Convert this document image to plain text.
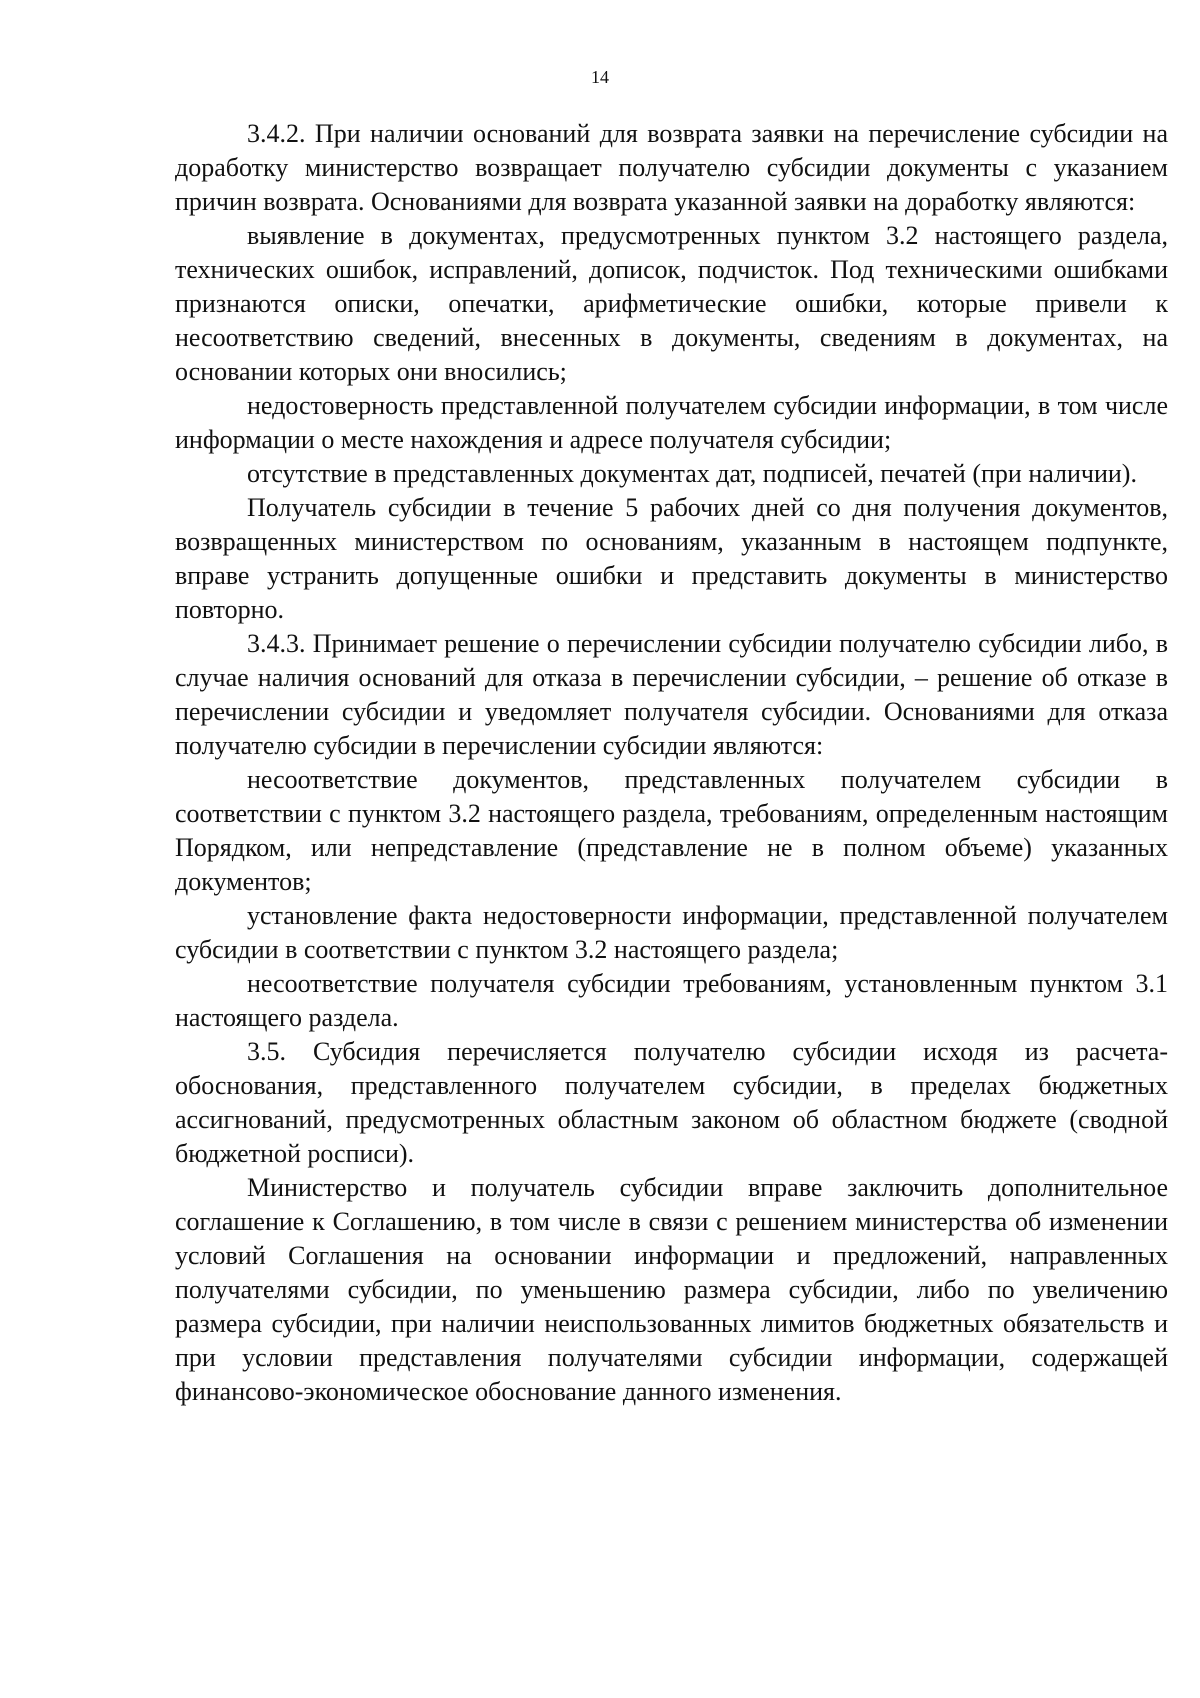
14

3.4.2. При наличии оснований для возврата заявки на перечисление субсидии на доработку министерство возвращает получателю субсидии документы с указанием причин возврата. Основаниями для возврата указанной заявки на доработку являются:

выявление в документах, предусмотренных пунктом 3.2 настоящего раздела, технических ошибок, исправлений, дописок, подчисток. Под техническими ошибками признаются описки, опечатки, арифметические ошибки, которые привели к несоответствию сведений, внесенных в документы, сведениям в документах, на основании которых они вносились;

недостоверность представленной получателем субсидии информации, в том числе информации о месте нахождения и адресе получателя субсидии;

отсутствие в представленных документах дат, подписей, печатей (при наличии).

Получатель субсидии в течение 5 рабочих дней со дня получения документов, возвращенных министерством по основаниям, указанным в настоящем подпункте, вправе устранить допущенные ошибки и представить документы в министерство повторно.

3.4.3. Принимает решение о перечислении субсидии получателю субсидии либо, в случае наличия оснований для отказа в перечислении субсидии, – решение об отказе в перечислении субсидии и уведомляет получателя субсидии. Основаниями для отказа получателю субсидии в перечислении субсидии являются:

несоответствие документов, представленных получателем субсидии в соответствии с пунктом 3.2 настоящего раздела, требованиям, определенным настоящим Порядком, или непредставление (представление не в полном объеме) указанных документов;

установление факта недостоверности информации, представленной получателем субсидии в соответствии с пунктом 3.2 настоящего раздела;

несоответствие получателя субсидии требованиям, установленным пунктом 3.1 настоящего раздела.

3.5. Субсидия перечисляется получателю субсидии исходя из расчета-обоснования, представленного получателем субсидии, в пределах бюджетных ассигнований, предусмотренных областным законом об областном бюджете (сводной бюджетной росписи).

Министерство и получатель субсидии вправе заключить дополнительное соглашение к Соглашению, в том числе в связи с решением министерства об изменении условий Соглашения на основании информации и предложений, направленных получателями субсидии, по уменьшению размера субсидии, либо по увеличению размера субсидии, при наличии неиспользованных лимитов бюджетных обязательств и при условии представления получателями субсидии информации, содержащей финансово-экономическое обоснование данного изменения.
